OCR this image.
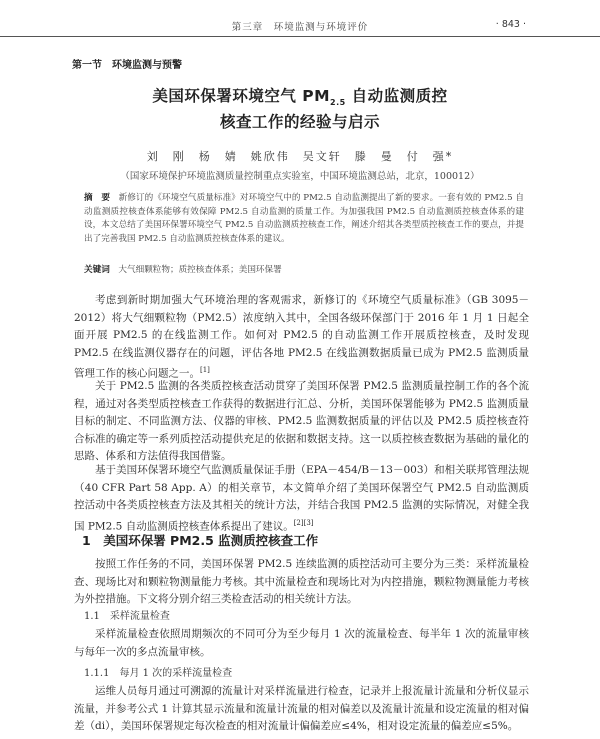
第三章　环境监测与环境评价	· 843 ·
第一节　环境监测与预警
美国环保署环境空气 $PM_{2.5}$ 自动监测质控
核查工作的经验与启示
刘　刚　杨　婧　姚欣伟　吴文轩　滕　曼　付　强*
（国家环境保护环境监测质量控制重点实验室，中国环境监测总站，北京，100012）
摘　要　 新修订的《环境空气质量标准》对环境空气中的 PM2.5 自动监测提出了新的要求。一套有效的 PM2.5 自动监测质控核查体系能够有效保障 PM2.5 自动监测的质量工作。为加强我国 PM2.5 自动监测质控核查体系的建设，本文总结了美国环保署环境空气 PM2.5 自动监测质控核查工作，阐述介绍其各类型质控核查工作的要点，并提出了完善我国 PM2.5 自动监测质控核查体系的建议。
关键词　 大气细颗粒物；质控核查体系；美国环保署

考虑到新时期加强大气环境治理的客观需求，新修订的《环境空气质量标准》（GB 3095－2012）将大气细颗粒物（PM2.5）浓度纳入其中，全国各级环保部门于 2016 年 1 月 1 日起全面开展 PM2.5 的在线监测工作。如何对 PM2.5 的自动监测工作开展质控核查，及时发现 PM2.5 在线监测仪器存在的问题，评估各地 PM2.5 在线监测数据质量已成为 PM2.5 监测质量管理工作的核心问题之一。[1]

关于 PM2.5 监测的各类质控核查活动贯穿了美国环保署 PM2.5 监测质量控制工作的各个流程，通过对各类型质控核查工作获得的数据进行汇总、分析，美国环保署能够为 PM2.5 监测质量目标的制定、不同监测方法、仪器的审核、PM2.5 监测数据质量的评估以及 PM2.5 质控核查符合标准的确定等一系列质控活动提供充足的依据和数据支持。这一以质控核查数据为基础的量化的思路、体系和方法值得我国借鉴。

基于美国环保署环境空气监测质量保证手册（EPA－454/B－13－003）和相关联邦管理法规（40 CFR Part 58 App. A）的相关章节，本文简单介绍了美国环保署空气 PM2.5 自动监测质控活动中各类质控核查方法及其相关的统计方法，并结合我国 PM2.5 监测的实际情况，对健全我国 PM2.5 自动监测质控核查体系提出了建议。[2][3]

1　美国环保署 PM2.5 监测质控核查工作

按照工作任务的不同，美国环保署 PM2.5 连续监测的质控活动可主要分为三类：采样流量检查、现场比对和颗粒物测量能力考核。其中流量检查和现场比对为内控措施，颗粒物测量能力考核为外控措施。下文将分别介绍三类检查活动的相关统计方法。

1.1　采样流量检查

采样流量检查依照周期频次的不同可分为至少每月 1 次的流量检查、每半年 1 次的流量审核与每年一次的多点流量审核。

1.1.1　每月 1 次的采样流量检查

运维人员每月通过可溯源的流量计对采样流量进行检查，记录并上报流量计流量和分析仪显示流量，并参考公式 1 计算其显示流量和流量计流量的相对偏差以及流量计流量和设定流量的相对偏差（di），美国环保署规定每次检查的相对流量计偏偏差应≤4%，相对设定流量的偏差应≤5%。
